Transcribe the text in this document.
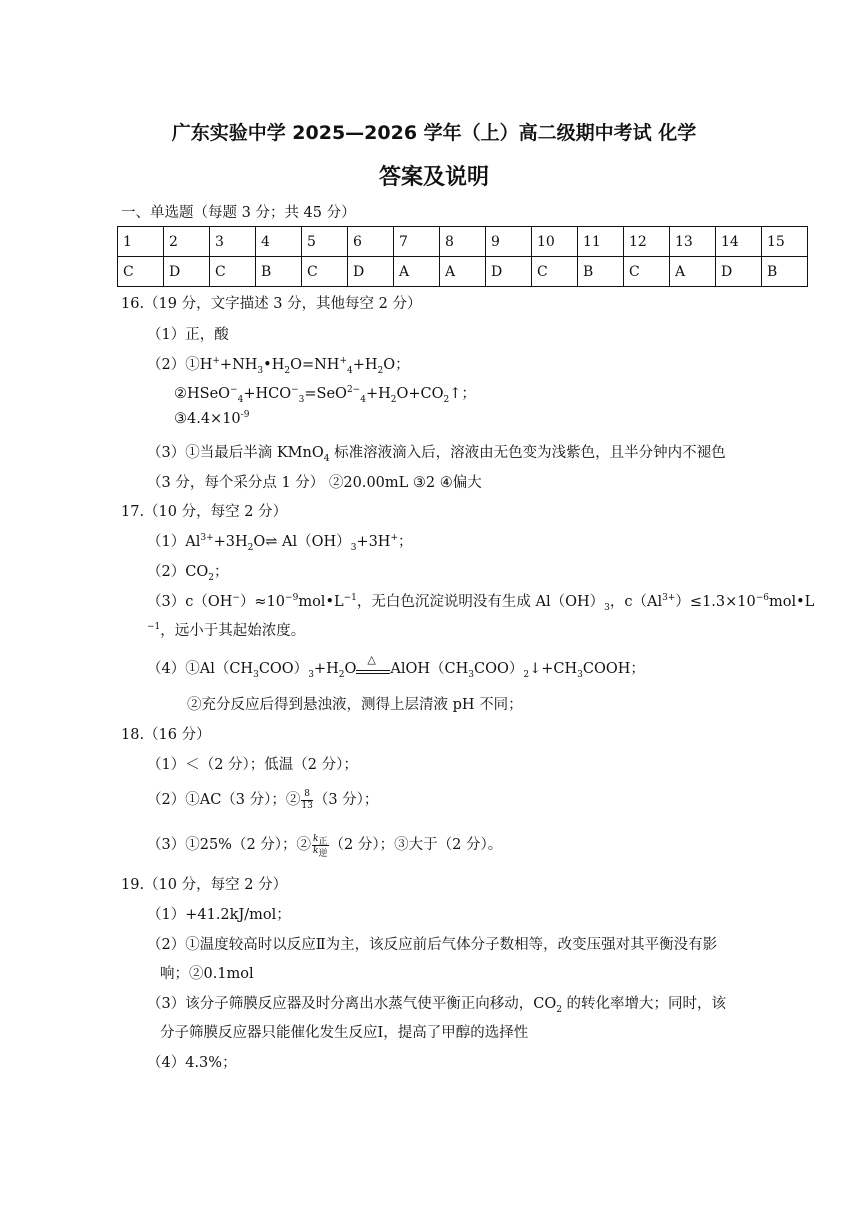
广东实验中学 2025—2026 学年（上）高二级期中考试 化学
答案及说明
一、单选题（每题 3 分；共 45 分）
1	2	3	4	5	6	7	8	9	10	11	12	13	14	15
C	D	C	B	C	D	A	A	D	C	B	C	A	D	B
16.（19 分，文字描述 3 分，其他每空 2 分）
（1）正，酸
$(2)①H^++NH_3•H_2O=NH^+_4+H_2O$；
$②HSeO^-_4+HCO^-_3=SeO^{2-}_4+H_2O+CO_2↑$；
$③4.4\times 10^{-9}$
（3）①当最后半滴 KMnO$_4$ 标准溶液滴入后，溶液由无色变为浅紫色，且半分钟内不褪色
（3 分，每个采分点 1 分） ②20.00mL ③2 ④偏大
17.（10 分，每空 2 分）
$(1)Al^{3+}+3H_2O\rightleftharpoons$ $Al(OH)_3+3H^+$；
$(2)CO_2$；
$(3)c(OH^-)\approx 10^{-9}mol•L^{-1}$，无白色沉淀说明没有生成 $Al(OH)_3$，$c(Al^{3+})\le 1.3\times 10^{-6}mol•L$
$^{-1}$，远小于其起始浓度。
$(4)①Al(CH_3COO)_3+H_2O$
△
$AlOH(CH_3COO)_2↓+CH_3COOH$；
②充分反应后得到悬浊液，测得上层清液 pH 不同；
18.（16 分）
（1）＜（2 分）；低温（2 分）；
（2）①AC（3 分）；② $\frac{8}{13} (3$ 分）；
（3）①25%（2 分）；② $\frac{k_正}{k_逆} (2$ 分）；③大于（2 分）。
19.（10 分，每空 2 分）
（1）+41.2kJ/mol；
（2）①温度较高时以反应Ⅱ为主，该反应前后气体分子数相等，改变压强对其平衡没有影
响；②0.1mol
（3）该分子筛膜反应器及时分离出水蒸气使平衡正向移动，$CO_2$ 的转化率增大；同时，该
分子筛膜反应器只能催化发生反应Ⅰ，提高了甲醇的选择性
（4）4.3%；
